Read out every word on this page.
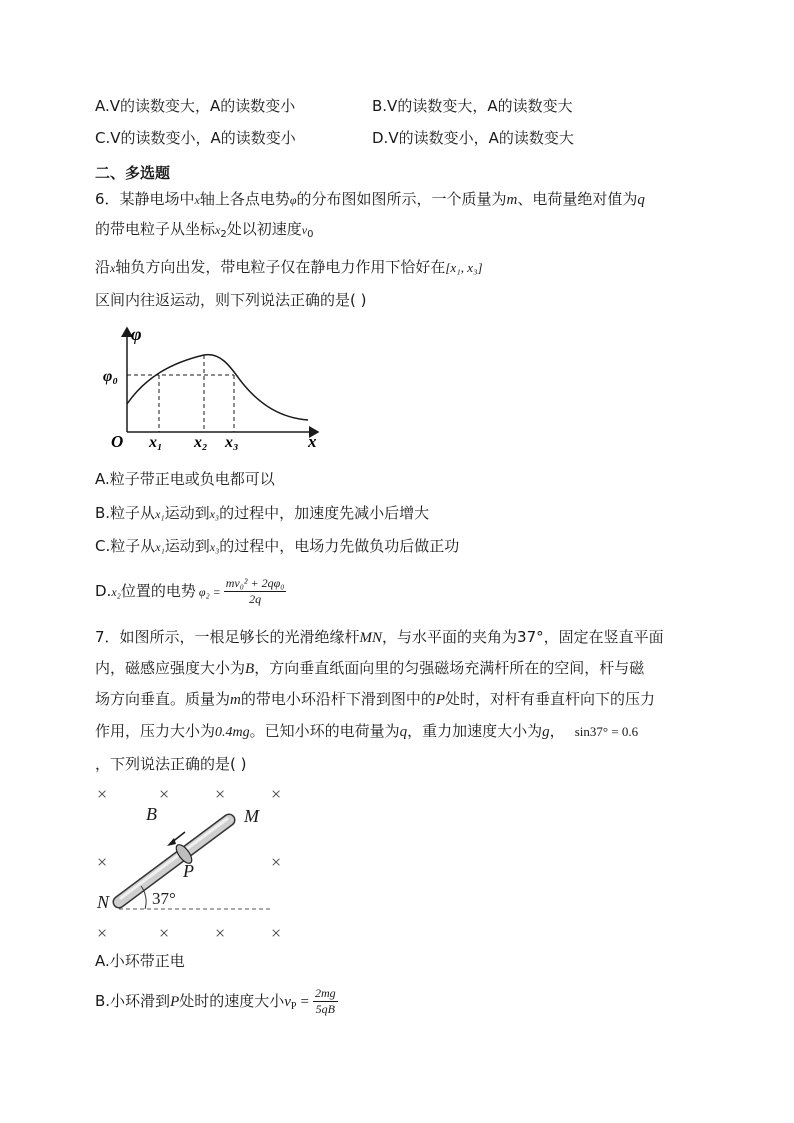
A.V的读数变大，A的读数变小	B.V的读数变大，A的读数变大
C.V的读数变小，A的读数变小	D.V的读数变小，A的读数变大
二、多选题
6．某静电场中x轴上各点电势φ的分布图如图所示，一个质量为m、电荷量绝对值为q
的带电粒子从坐标$x_2$处以初速度$v_0$
沿x轴负方向出发，带电粒子仅在静电力作用下恰好在[x₁, x₃]
区间内往返运动，则下列说法正确的是( )
φ
φ₀
O x₁ x₂ x₃	x
A.粒子带正电或负电都可以
B.粒子从x₁运动到x₃的过程中，加速度先减小后增大
C.粒子从x₁运动到x₃的过程中，电场力先做负功后做正功
D.x₂位置的电势 $\varphi_2 = \frac{\text{mv₀² + 2qφ₀}}{2q}$
7．如图所示，一根足够长的光滑绝缘杆MN，与水平面的夹角为37°，固定在竖直平面
内，磁感应强度大小为B，方向垂直纸面向里的匀强磁场充满杆所在的空间，杆与磁
场方向垂直。质量为m的带电小环沿杆下滑到图中的P处时，对杆有垂直杆向下的压力
作用，压力大小为0.4mg。已知小环的电荷量为q，重力加速度大小为g， sin37° = 0.6
，下列说法正确的是( )
×	×	×	×
×	×
×	×	×	×
37°
B	M
N
P
A.小环带正电
B.小环滑到P处时的速度大小$v_P = \frac{2mg}{5qB}$
